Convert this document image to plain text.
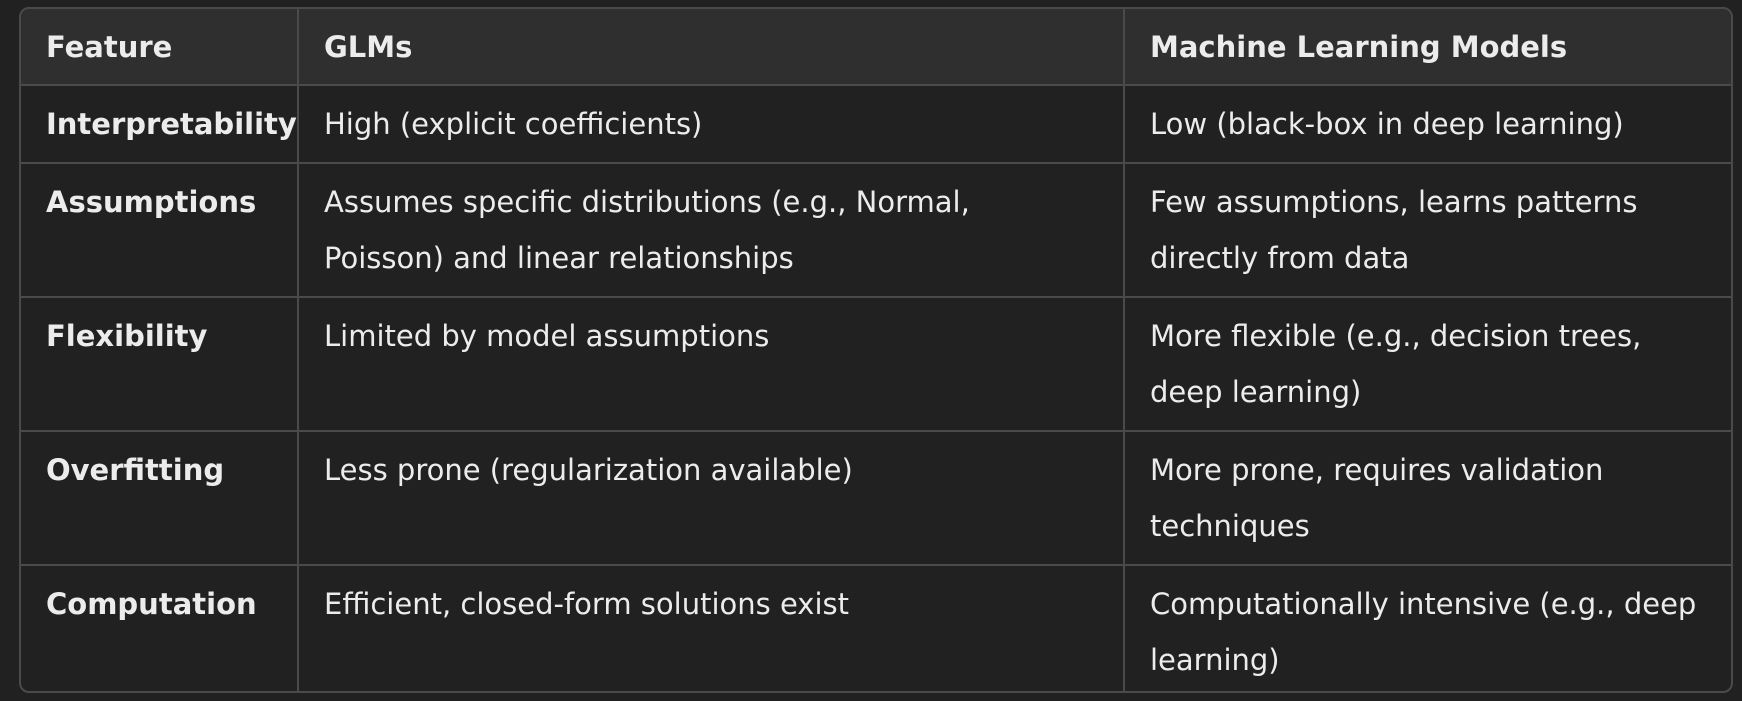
Feature	GLMs	Machine Learning Models
Interpretability	High (explicit coefficients)	Low (black-box in deep learning)
Assumptions	Assumes specific distributions (e.g., Normal, Poisson) and linear relationships	Few assumptions, learns patterns directly from data
Flexibility	Limited by model assumptions	More flexible (e.g., decision trees, deep learning)
Overfitting	Less prone (regularization available)	More prone, requires validation techniques
Computation	Efficient, closed-form solutions exist	Computationally intensive (e.g., deep learning)
